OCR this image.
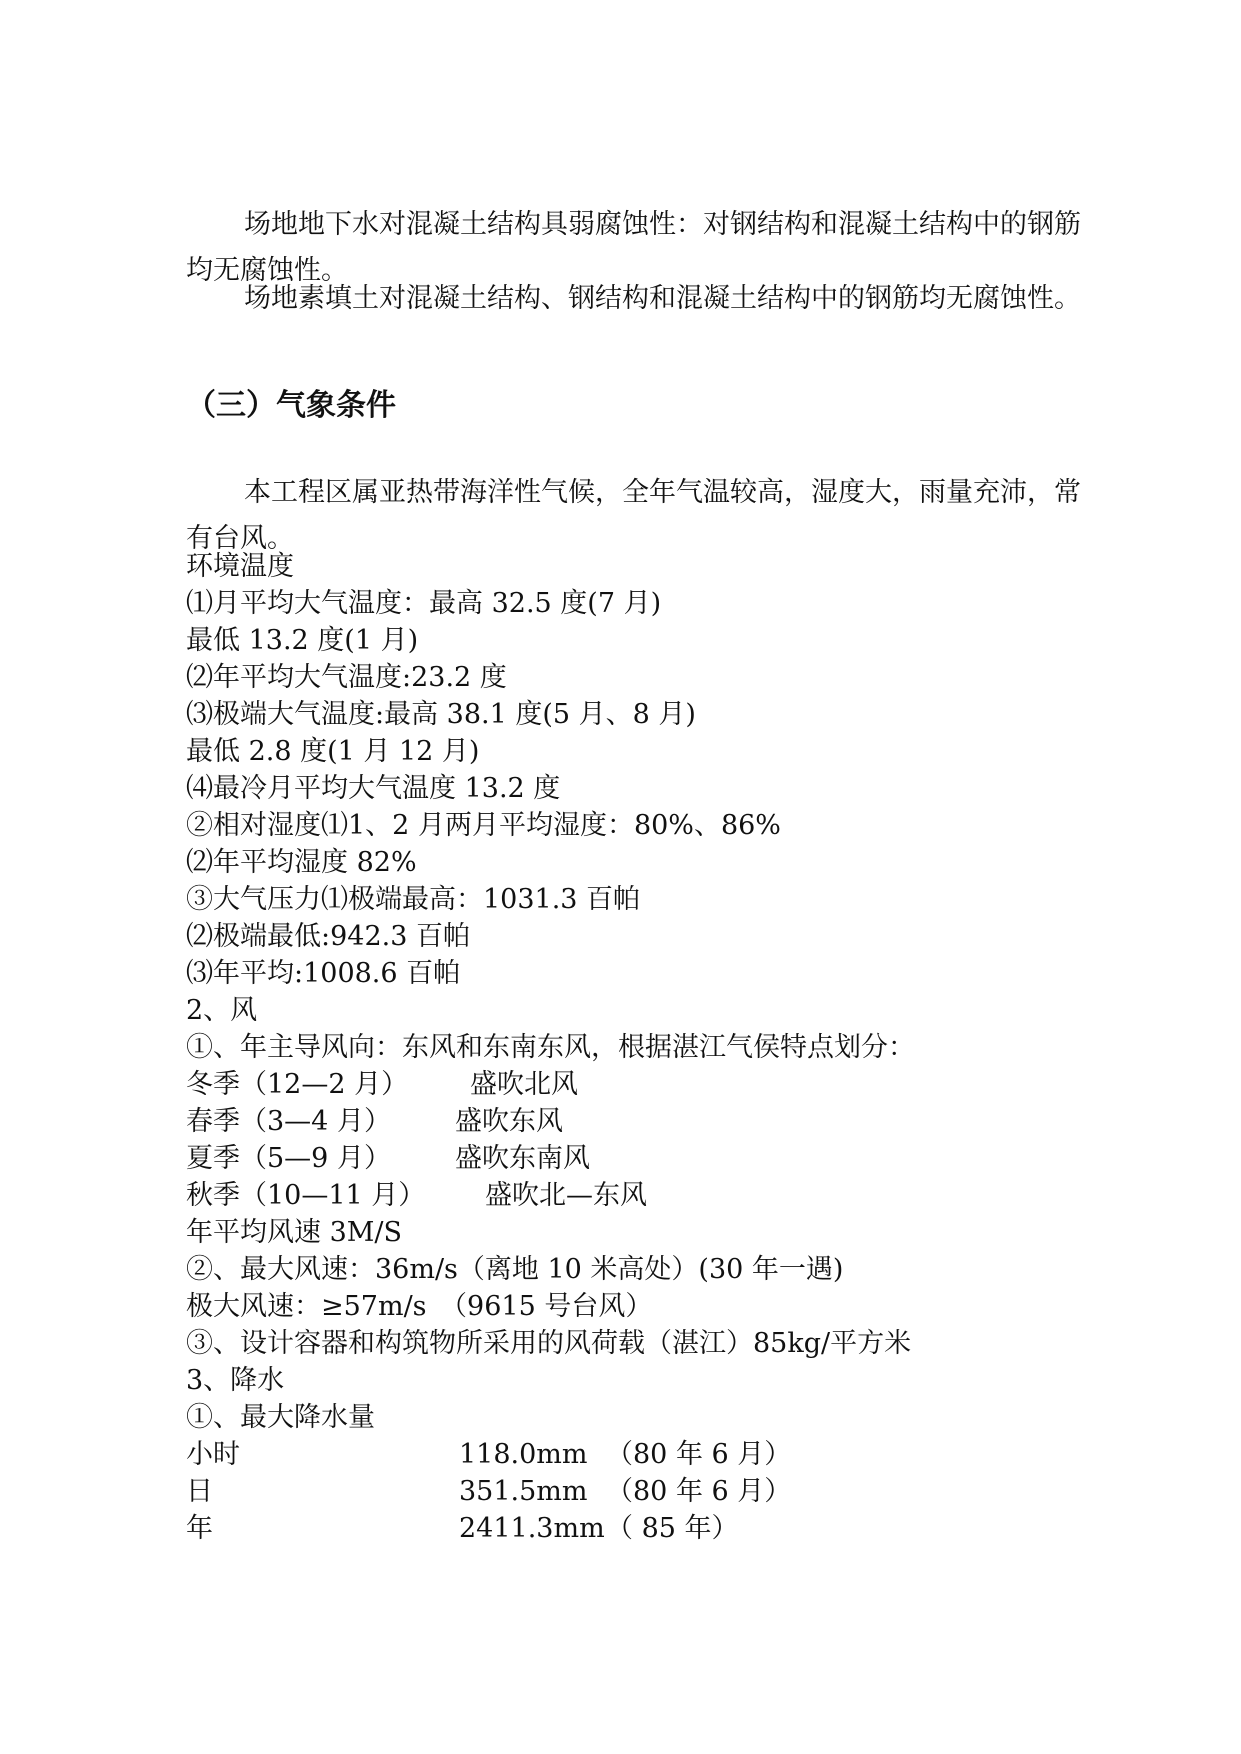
场地地下水对混凝土结构具弱腐蚀性：对钢结构和混凝土结构中的钢筋均无腐蚀性。
场地素填土对混凝土结构、钢结构和混凝土结构中的钢筋均无腐蚀性。
（三）气象条件
本工程区属亚热带海洋性气候，全年气温较高，湿度大，雨量充沛，常有台风。
环境温度
⑴月平均大气温度：最高 32.5 度(7 月)
最低 13.2 度(1 月)
⑵年平均大气温度:23.2 度
⑶极端大气温度:最高 38.1 度(5 月、8 月)
最低 2.8 度(1 月 12 月)
⑷最冷月平均大气温度 13.2 度
②相对湿度⑴1、2 月两月平均湿度：80%、86%
⑵年平均湿度 82%
③大气压力⑴极端最高：1031.3 百帕
⑵极端最低:942.3 百帕
⑶年平均:1008.6 百帕
2、风
①、年主导风向：东风和东南东风，根据湛江气侯特点划分：
冬季（12—2 月） 盛吹北风
春季（3—4 月） 盛吹东风
夏季（5—9 月） 盛吹东南风
秋季（10—11 月） 盛吹北—东风
年平均风速 3M/S
②、最大风速：36m/s（离地 10 米高处）(30 年一遇)
极大风速：≥57m/s　（9615 号台风）
③、设计容器和构筑物所采用的风荷载（湛江）85kg/平方米
3、降水
①、最大降水量
小时	118.0mm （80 年 6 月）
日	351.5mm （80 年 6 月）
年	2411.3mm （ 85 年）
